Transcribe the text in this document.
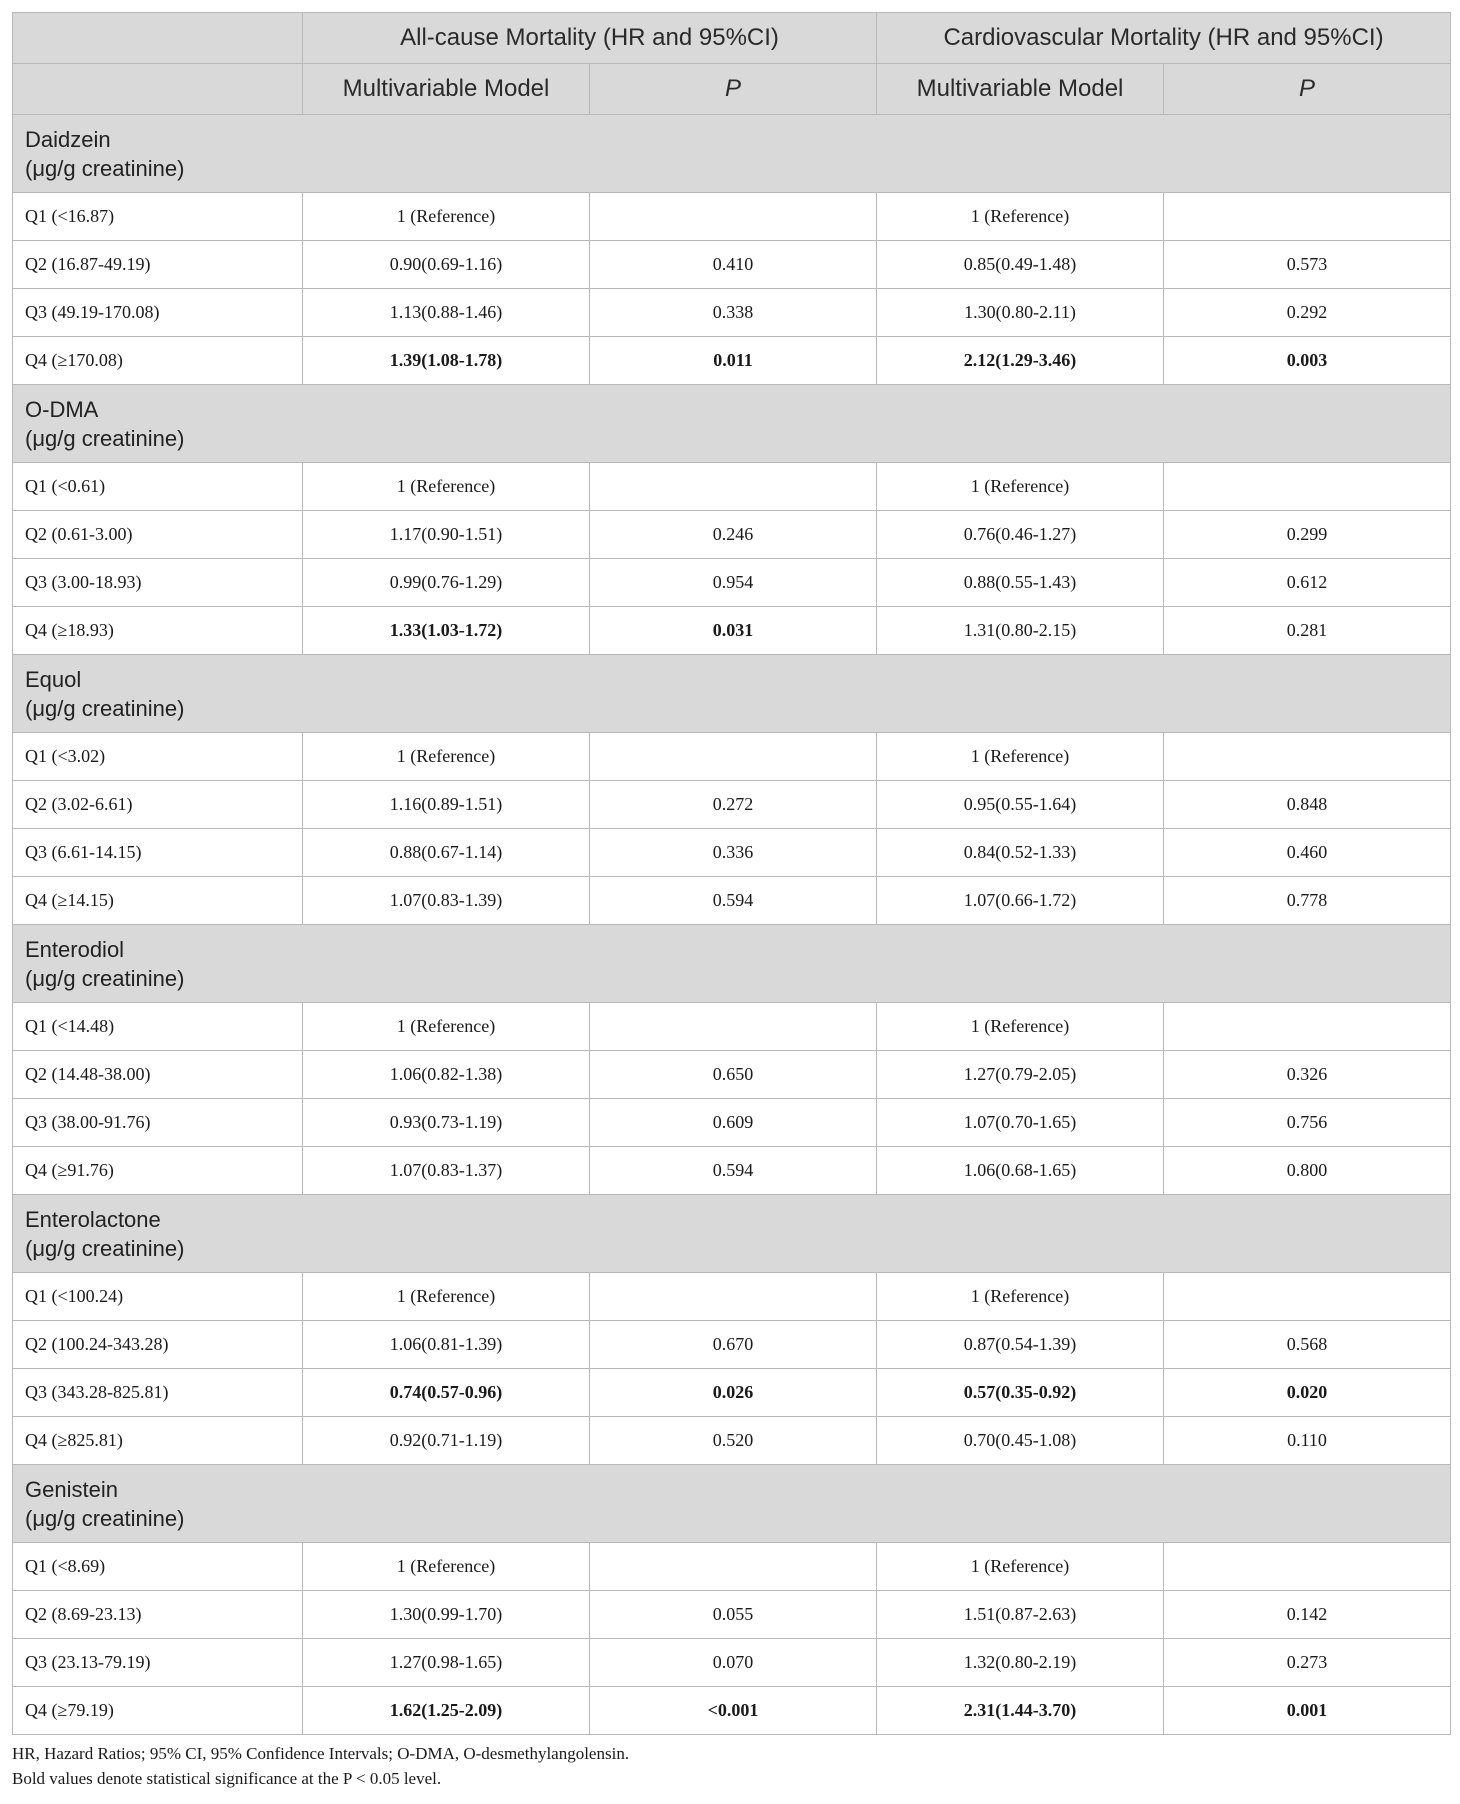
	All-cause Mortality (HR and 95%CI)		Cardiovascular Mortality (HR and 95%CI)	
	Multivariable Model	P	Multivariable Model	P

Daidzein
(μg/g creatinine)				

Q1 (<16.87)	1 (Reference)		1 (Reference)	
Q2 (16.87-49.19)	0.90(0.69-1.16)	0.410	0.85(0.49-1.48)	0.573
Q3 (49.19-170.08)	1.13(0.88-1.46)	0.338	1.30(0.80-2.11)	0.292
Q4 (≥170.08)	1.39(1.08-1.78)	0.011	2.12(1.29-3.46)	0.003

O-DMA
(μg/g creatinine)				

Q1 (<0.61)	1 (Reference)		1 (Reference)	
Q2 (0.61-3.00)	1.17(0.90-1.51)	0.246	0.76(0.46-1.27)	0.299
Q3 (3.00-18.93)	0.99(0.76-1.29)	0.954	0.88(0.55-1.43)	0.612
Q4 (≥18.93)	1.33(1.03-1.72)	0.031	1.31(0.80-2.15)	0.281

Equol
(μg/g creatinine)				

Q1 (<3.02)	1 (Reference)		1 (Reference)	
Q2 (3.02-6.61)	1.16(0.89-1.51)	0.272	0.95(0.55-1.64)	0.848
Q3 (6.61-14.15)	0.88(0.67-1.14)	0.336	0.84(0.52-1.33)	0.460
Q4 (≥14.15)	1.07(0.83-1.39)	0.594	1.07(0.66-1.72)	0.778

Enterodiol
(μg/g creatinine)				

Q1 (<14.48)	1 (Reference)		1 (Reference)	
Q2 (14.48-38.00)	1.06(0.82-1.38)	0.650	1.27(0.79-2.05)	0.326
Q3 (38.00-91.76)	0.93(0.73-1.19)	0.609	1.07(0.70-1.65)	0.756
Q4 (≥91.76)	1.07(0.83-1.37)	0.594	1.06(0.68-1.65)	0.800

Enterolactone
(μg/g creatinine)				

Q1 (<100.24)	1 (Reference)		1 (Reference)	
Q2 (100.24-343.28)	1.06(0.81-1.39)	0.670	0.87(0.54-1.39)	0.568
Q3 (343.28-825.81)	0.74(0.57-0.96)	0.026	0.57(0.35-0.92)	0.020
Q4 (≥825.81)	0.92(0.71-1.19)	0.520	0.70(0.45-1.08)	0.110

Genistein
(μg/g creatinine)				

Q1 (<8.69)	1 (Reference)		1 (Reference)	
Q2 (8.69-23.13)	1.30(0.99-1.70)	0.055	1.51(0.87-2.63)	0.142
Q3 (23.13-79.19)	1.27(0.98-1.65)	0.070	1.32(0.80-2.19)	0.273
Q4 (≥79.19)	1.62(1.25-2.09)	<0.001	2.31(1.44-3.70)	0.001
HR, Hazard Ratios; 95% CI, 95% Confidence Intervals; O-DMA, O-desmethylangolensin.
Bold values denote statistical significance at the P < 0.05 level.
